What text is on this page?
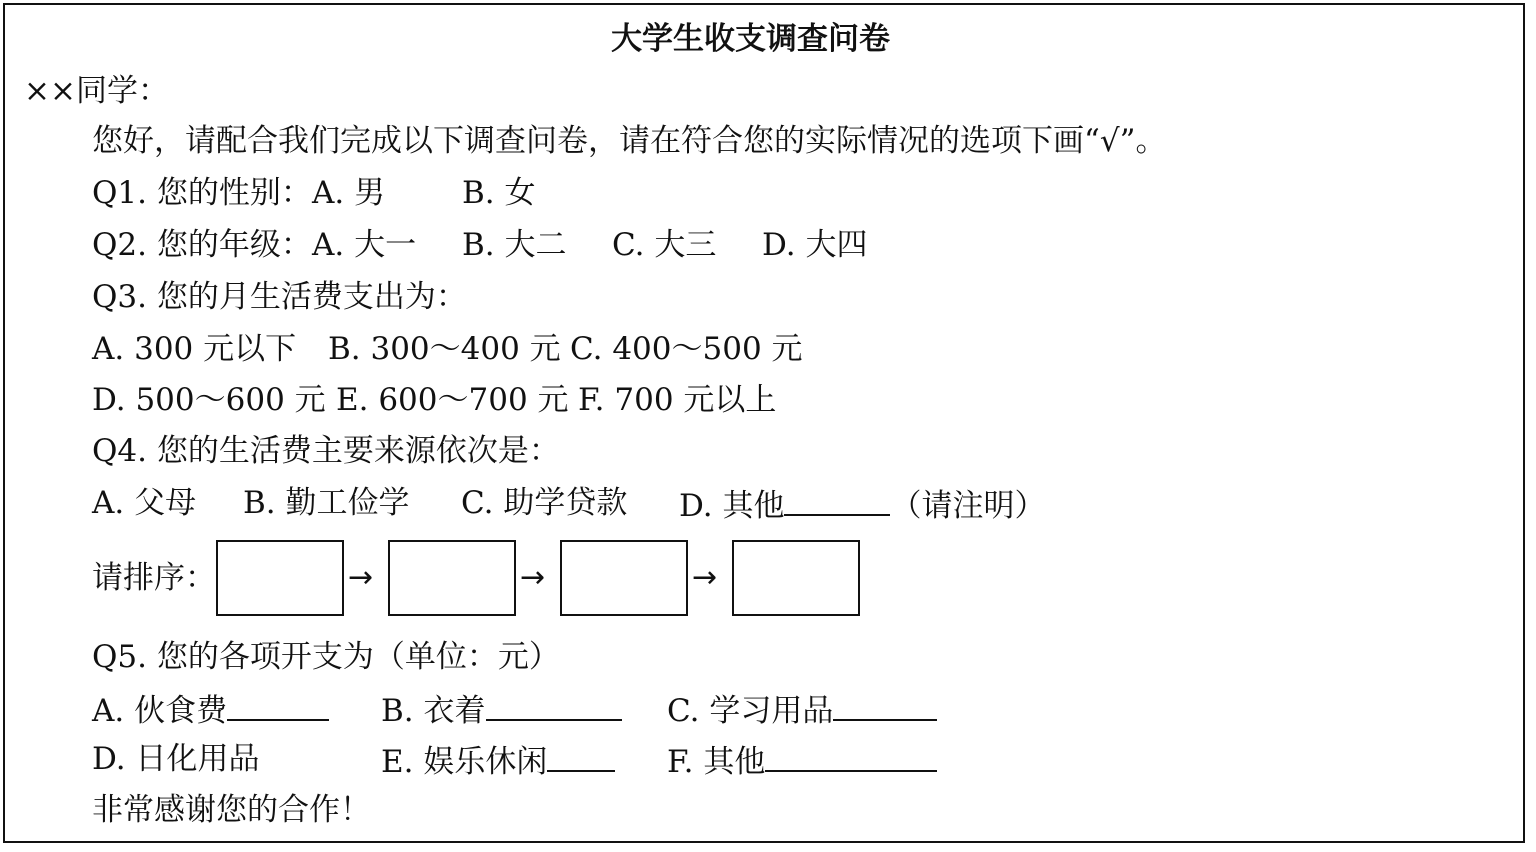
大学生收支调查问卷
××同学：
您好，请配合我们完成以下调查问卷，请在符合您的实际情况的选项下画“√”。
Q1. 您的性别： A. 男 B. 女
Q2. 您的年级： A. 大一 B. 大二 C. 大三 D. 大四
Q3. 您的月生活费支出为：
A. 300 元以下 B. 300～400 元 C. 400～500 元
D. 500～600 元 E. 600～700 元 F. 700 元以上
Q4. 您的生活费主要来源依次是：
A. 父母 B. 勤工俭学 C. 助学贷款 D. 其他	（请注明）
请排序：	→	→	→
Q5. 您的各项开支为（单位：元）
A. 伙食费	B. 衣着	C. 学习用品
D. 日化用品	E. 娱乐休闲	F. 其他
非常感谢您的合作！
